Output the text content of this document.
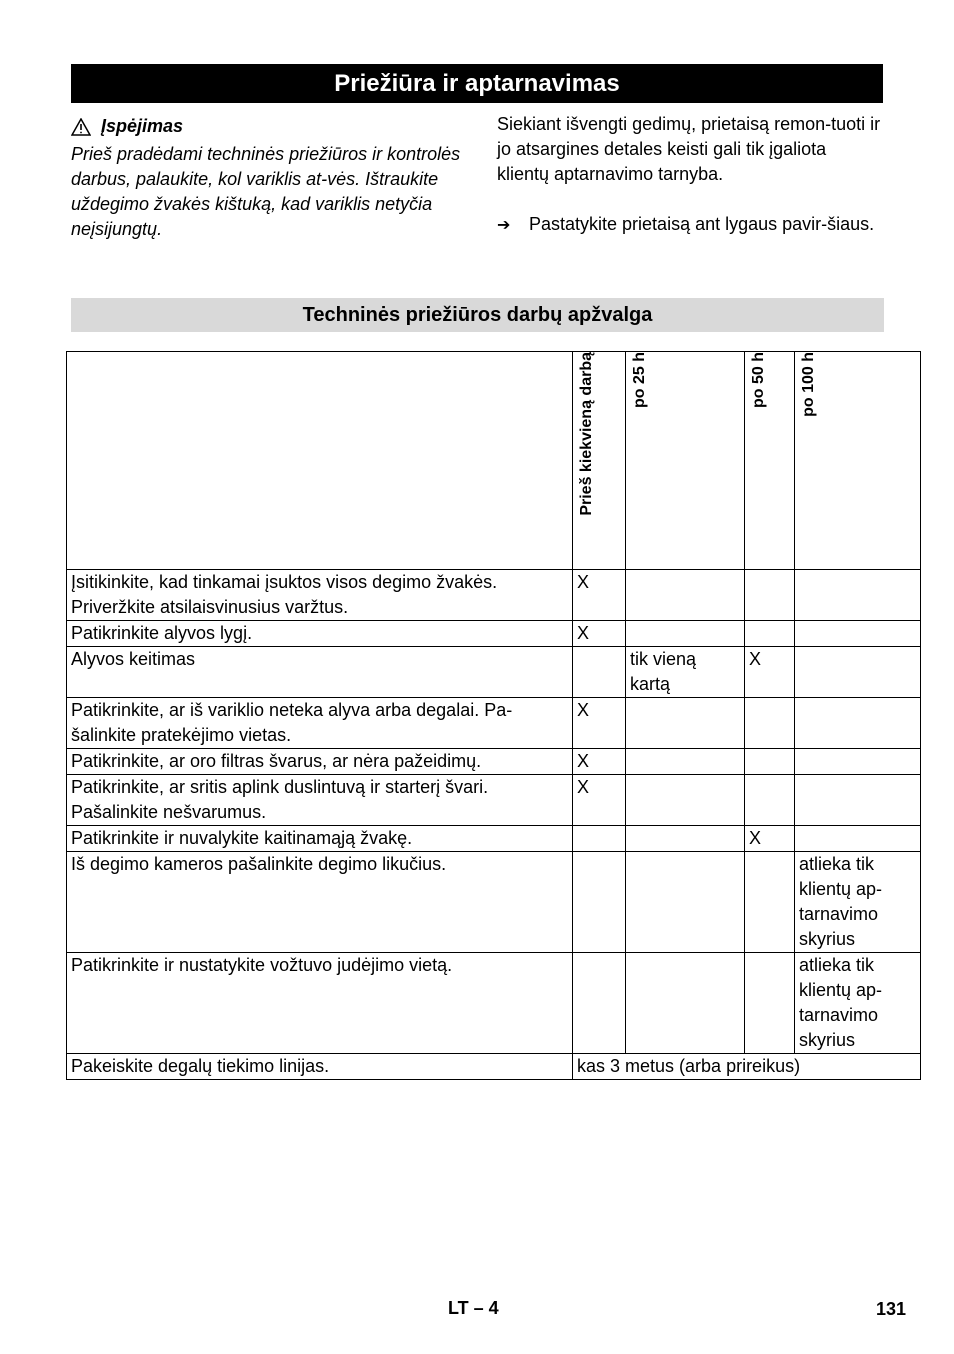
Priežiūra ir aptarnavimas
Įspėjimas
Prieš pradėdami techninės priežiūros ir kontrolės darbus, palaukite, kol variklis at-vės. Ištraukite uždegimo žvakės kištuką, kad variklis netyčia neįsijungtų.
Siekiant išvengti gedimų, prietaisą remon-tuoti ir jo atsargines detales keisti gali tik įgaliota klientų aptarnavimo tarnyba.
➔	Pastatykite prietaisą ant lygaus pavir-šiaus.
Techninės priežiūros darbų apžvalga

	Prieš kiekvieną darbą	po 25 h	po 50 h	po 100 h

Įsitikinkite, kad tinkamai įsuktos visos degimo žvakės. Priveržkite atsilaisvinusius varžtus.	X			
Patikrinkite alyvos lygį.	X			
Alyvos keitimas		tik vieną kartą	X	
Patikrinkite, ar iš variklio neteka alyva arba degalai. Pa-šalinkite pratekėjimo vietas.	X			
Patikrinkite, ar oro filtras švarus, ar nėra pažeidimų.	X			
Patikrinkite, ar sritis aplink duslintuvą ir starterį švari. Pašalinkite nešvarumus.	X			
Patikrinkite ir nuvalykite kaitinamąją žvakę.			X	
Iš degimo kameros pašalinkite degimo likučius.				atlieka tik klientų ap-tarnavimo skyrius
Patikrinkite ir nustatykite vožtuvo judėjimo vietą.				atlieka tik klientų ap-tarnavimo skyrius
Pakeiskite degalų tiekimo linijas.	kas 3 metus (arba prireikus)			
LT – 4	131
